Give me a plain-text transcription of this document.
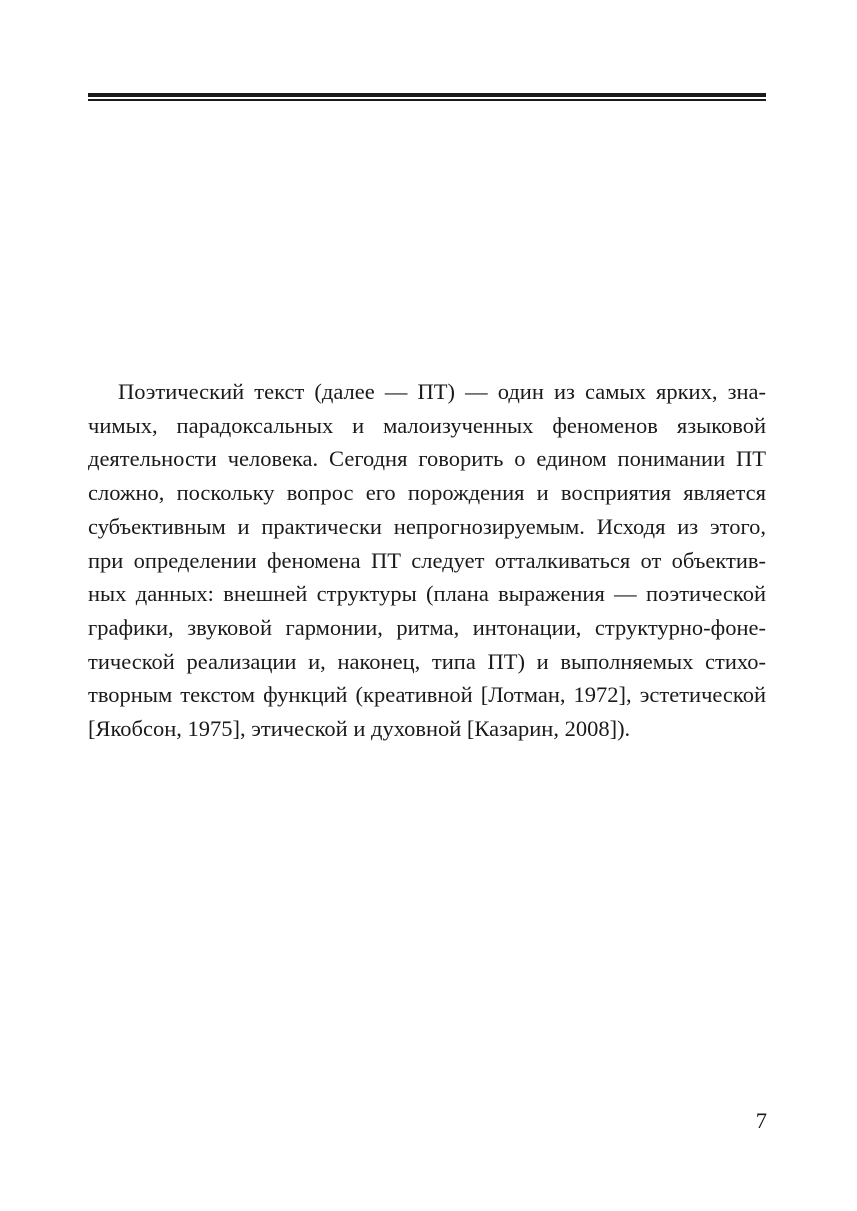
Поэтический текст (далее — ПТ) — один из самых ярких, зна-
чимых, парадоксальных и малоизученных феноменов языковой
деятельности человека. Сегодня говорить о едином понимании ПТ
сложно, поскольку вопрос его порождения и восприятия является
субъективным и практически непрогнозируемым. Исходя из этого,
при определении феномена ПТ следует отталкиваться от объектив-
ных данных: внешней структуры (плана выражения — поэтической
графики, звуковой гармонии, ритма, интонации, структурно-фоне-
тической реализации и, наконец, типа ПТ) и выполняемых стихо-
творным текстом функций (креативной [Лотман, 1972], эстетической
[Якобсон, 1975], этической и духовной [Казарин, 2008]).
7
